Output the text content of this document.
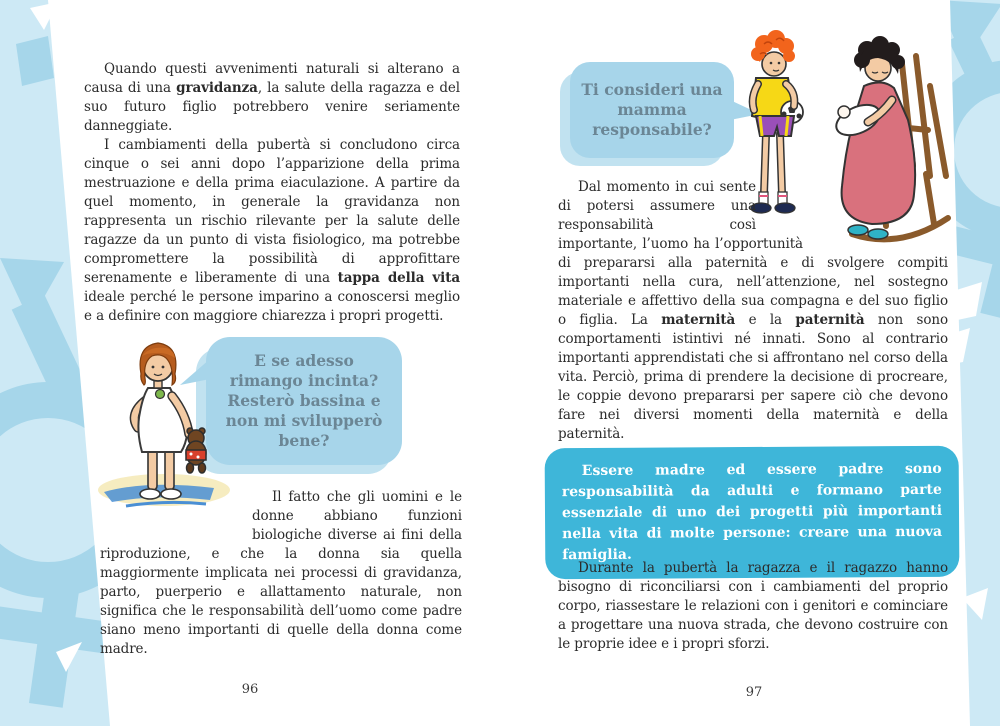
Quando questi avvenimenti naturali si alterano a causa di una gravidanza, la salute della ragazza e del suo futuro figlio potrebbero venire seriamente danneggiate.

I cambiamenti della pubertà si concludono circa cinque o sei anni dopo l’apparizione della prima mestruazione e della prima eiaculazione. A partire da quel momento, in generale la gravidanza non rappresenta un rischio rilevante per la salute delle ragazze da un punto di vista fisiologico, ma potrebbe compromettere la possibilità di approfittare serenamente e liberamente di una tappa della vita ideale perché le persone imparino a conoscersi meglio e a definire con maggiore chiarezza i propri progetti.

E se adesso rimango incinta? Resterò bassina e non mi svilupperò bene?

Il fatto che gli uomini e le donne abbiano funzioni biologiche diverse ai fini della riproduzione, e che la donna sia quella maggiormente implicata nei processi di gravidanza, parto, puerperio e allattamento naturale, non significa che le responsabilità dell’uomo come padre siano meno importanti di quelle della donna come madre.

96
Ti consideri una mamma responsabile?

Dal momento in cui sente di potersi assumere una responsabilità così importante, l’uomo ha l’opportunità di prepararsi alla paternità e di svolgere compiti importanti nella cura, nell’attenzione, nel sostegno materiale e affettivo della sua compagna e del suo figlio o figlia. La maternità e la paternità non sono comportamenti istintivi né innati. Sono al contrario importanti apprendistati che si affrontano nel corso della vita. Perciò, prima di prendere la decisione di procreare, le coppie devono prepararsi per sapere ciò che devono fare nei diversi momenti della maternità e della paternità.

Essere madre ed essere padre sono responsabilità da adulti e formano parte essenziale di uno dei progetti più importanti nella vita di molte persone: creare una nuova famiglia.

Durante la pubertà la ragazza e il ragazzo hanno bisogno di riconciliarsi con i cambiamenti del proprio corpo, riassestare le relazioni con i genitori e cominciare a progettare una nuova strada, che devono costruire con le proprie idee e i propri sforzi.

97
